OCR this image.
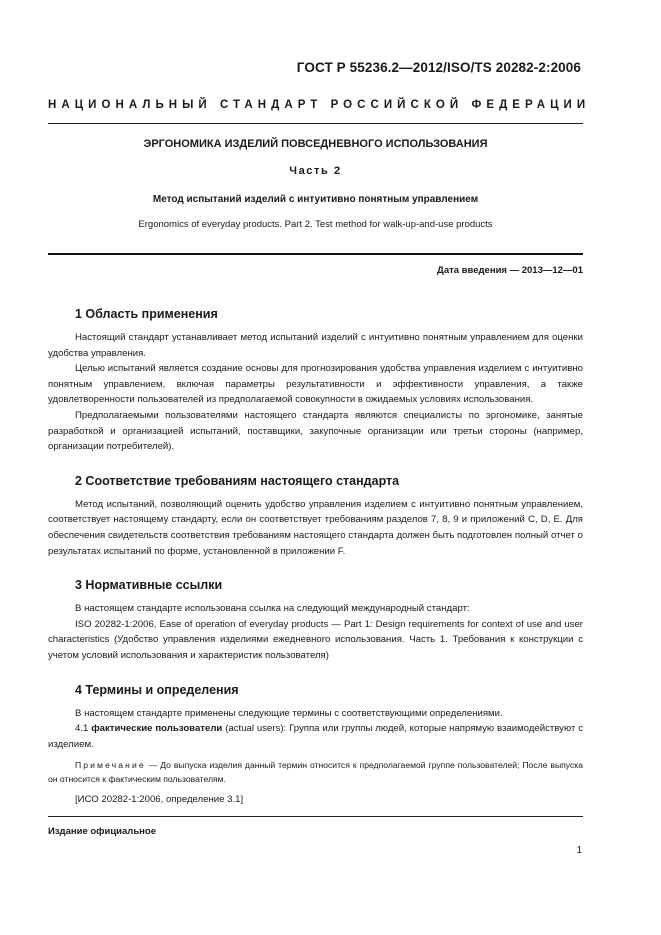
ГОСТ Р 55236.2—2012/ISO/TS 20282-2:2006
НАЦИОНАЛЬНЫЙ СТАНДАРТ РОССИЙСКОЙ ФЕДЕРАЦИИ
ЭРГОНОМИКА ИЗДЕЛИЙ ПОВСЕДНЕВНОГО ИСПОЛЬЗОВАНИЯ
Часть 2
Метод испытаний изделий с интуитивно понятным управлением
Ergonomics of everyday products. Part 2. Test method for walk-up-and-use products
Дата введения — 2013—12—01
1 Область применения

Настоящий стандарт устанавливает метод испытаний изделий с интуитивно понятным управлением для оценки удобства управления.

Целью испытаний является создание основы для прогнозирования удобства управления изделием с интуитивно понятным управлением, включая параметры результативности и эффективности управления, а также удовлетворенности пользователей из предполагаемой совокупности в ожидаемых условиях использования.

Предполагаемыми пользователями настоящего стандарта являются специалисты по эргономике, занятые разработкой и организацией испытаний, поставщики, закупочные организации или третьи стороны (например, организации потребителей).

2 Соответствие требованиям настоящего стандарта

Метод испытаний, позволяющий оценить удобство управления изделием с интуитивно понятным управлением, соответствует настоящему стандарту, если он соответствует требованиям разделов 7, 8, 9 и приложений С, D, Е. Для обеспечения свидетельств соответствия требованиям настоящего стандарта должен быть подготовлен полный отчет о результатах испытаний по форме, установленной в приложении F.

3 Нормативные ссылки

В настоящем стандарте использована ссылка на следующий международный стандарт:

ISO 20282-1:2006, Ease of operation of everyday products — Part 1: Design requirements for context of use and user characteristics (Удобство управления изделиями ежедневного использования. Часть 1. Требования к конструкции с учетом условий использования и характеристик пользователя)

4 Термины и определения

В настоящем стандарте применены следующие термины с соответствующими определениями.

4.1 фактические пользователи (actual users): Группа или группы людей, которые напрямую взаимодействуют с изделием.

Примечание — До выпуска изделия данный термин относится к предполагаемой группе пользователей; После выпуска он относится к фактическим пользователям.

[ИСО 20282-1:2006, определение 3.1]

Издание официальное
1
